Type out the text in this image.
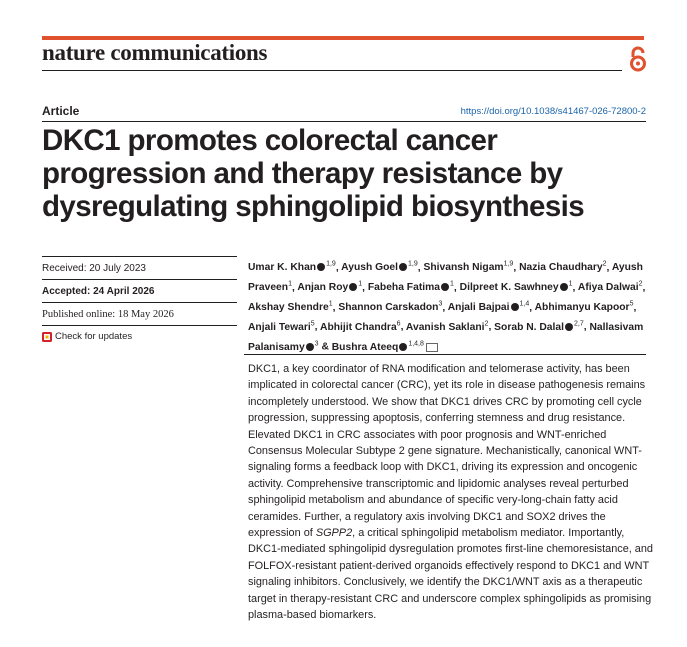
nature communications
Article	https://doi.org/10.1038/s41467-026-72800-2
DKC1 promotes colorectal cancer progression and therapy resistance by dysregulating sphingolipid biosynthesis
Received: 20 July 2023
Accepted: 24 April 2026
Published online: 18 May 2026
Check for updates

Umar K. Khan $^{1,9}$, Ayush Goel $^{1,9}$, Shivansh Nigam$^{1,9}$, Nazia Chaudhary$^2$, Ayush Praveen$^1$, Anjan Roy $^1$, Fabeha Fatima $^1$, Dilpreet K. Sawhney $^1$, Afiya Dalwai$^2$, Akshay Shendre$^1$, Shannon Carskadon$^3$, Anjali Bajpai $^{1,4}$, Abhimanyu Kapoor$^5$, Anjali Tewari$^5$, Abhijit Chandra$^6$, Avanish Saklani$^2$, Sorab N. Dalal $^{2,7}$, Nallasivam Palanisamy $^3$ & Bushra Ateeq $^{1,4,8}$

DKC1, a key coordinator of RNA modification and telomerase activity, has been implicated in colorectal cancer (CRC), yet its role in disease pathogenesis remains incompletely understood. We show that DKC1 drives CRC by promoting cell cycle progression, suppressing apoptosis, conferring stemness and drug resistance. Elevated DKC1 in CRC associates with poor prognosis and WNT-enriched Consensus Molecular Subtype 2 gene signature. Mechanistically, canonical WNT-signaling forms a feedback loop with DKC1, driving its expression and oncogenic activity. Comprehensive transcriptomic and lipidomic analyses reveal perturbed sphingolipid metabolism and abundance of specific very-long-chain fatty acid ceramides. Further, a regulatory axis involving DKC1 and SOX2 drives the expression of SGPP2, a critical sphingolipid metabolism mediator. Importantly, DKC1-mediated sphingolipid dysregulation promotes first-line chemoresistance, and FOLFOX-resistant patient-derived organoids effectively respond to DKC1 and WNT signaling inhibitors. Conclusively, we identify the DKC1/WNT axis as a therapeutic target in therapy-resistant CRC and underscore complex sphingolipids as promising plasma-based biomarkers.
